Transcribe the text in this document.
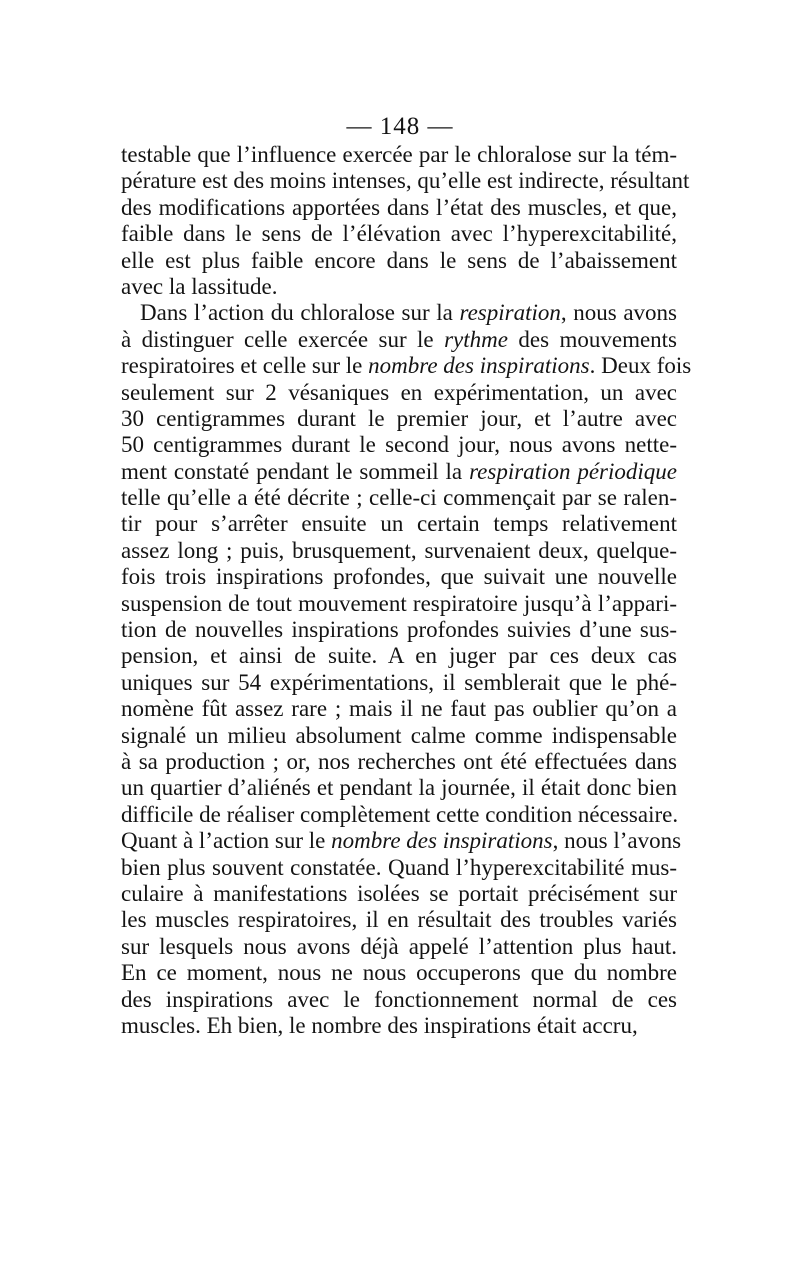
— 148 —
testable que l’influence exercée par le chloralose sur la tém-
pérature est des moins intenses, qu’elle est indirecte, résultant
des modifications apportées dans l’état des muscles, et que,
faible dans le sens de l’élévation avec l’hyperexcitabilité,
elle est plus faible encore dans le sens de l’abaissement
avec la lassitude.
Dans l’action du chloralose sur la respiration, nous avons
à distinguer celle exercée sur le rythme des mouvements
respiratoires et celle sur le nombre des inspirations. Deux fois
seulement sur 2 vésaniques en expérimentation, un avec
30 centigrammes durant le premier jour, et l’autre avec
50 centigrammes durant le second jour, nous avons nette-
ment constaté pendant le sommeil la respiration périodique
telle qu’elle a été décrite ; celle-ci commençait par se ralen-
tir pour s’arrêter ensuite un certain temps relativement
assez long ; puis, brusquement, survenaient deux, quelque-
fois trois inspirations profondes, que suivait une nouvelle
suspension de tout mouvement respiratoire jusqu’à l’appari-
tion de nouvelles inspirations profondes suivies d’une sus-
pension, et ainsi de suite. A en juger par ces deux cas
uniques sur 54 expérimentations, il semblerait que le phé-
nomène fût assez rare ; mais il ne faut pas oublier qu’on a
signalé un milieu absolument calme comme indispensable
à sa production ; or, nos recherches ont été effectuées dans
un quartier d’aliénés et pendant la journée, il était donc bien
difficile de réaliser complètement cette condition nécessaire.
Quant à l’action sur le nombre des inspirations, nous l’avons
bien plus souvent constatée. Quand l’hyperexcitabilité mus-
culaire à manifestations isolées se portait précisément sur
les muscles respiratoires, il en résultait des troubles variés
sur lesquels nous avons déjà appelé l’attention plus haut.
En ce moment, nous ne nous occuperons que du nombre
des inspirations avec le fonctionnement normal de ces
muscles. Eh bien, le nombre des inspirations était accru,
